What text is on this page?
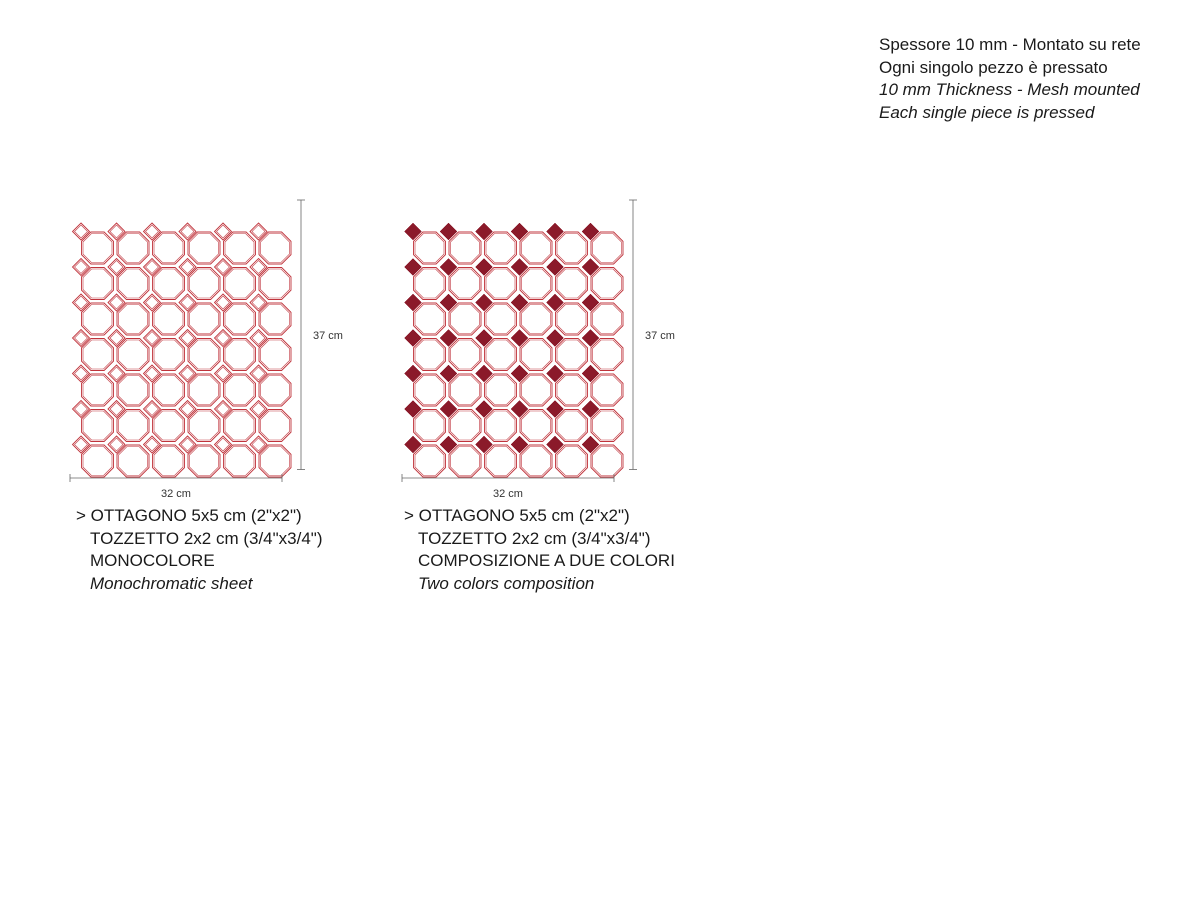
Spessore 10 mm - Montato su rete
Ogni singolo pezzo è pressato
10 mm Thickness - Mesh mounted
Each single piece is pressed
32 cm
37 cm
32 cm
37 cm
> OTTAGONO 5x5 cm (2"x2")
TOZZETTO 2x2 cm (3/4"x3/4")
MONOCOLORE
Monochromatic sheet
> OTTAGONO 5x5 cm (2"x2")
TOZZETTO 2x2 cm (3/4"x3/4")
COMPOSIZIONE A DUE COLORI
Two colors composition
